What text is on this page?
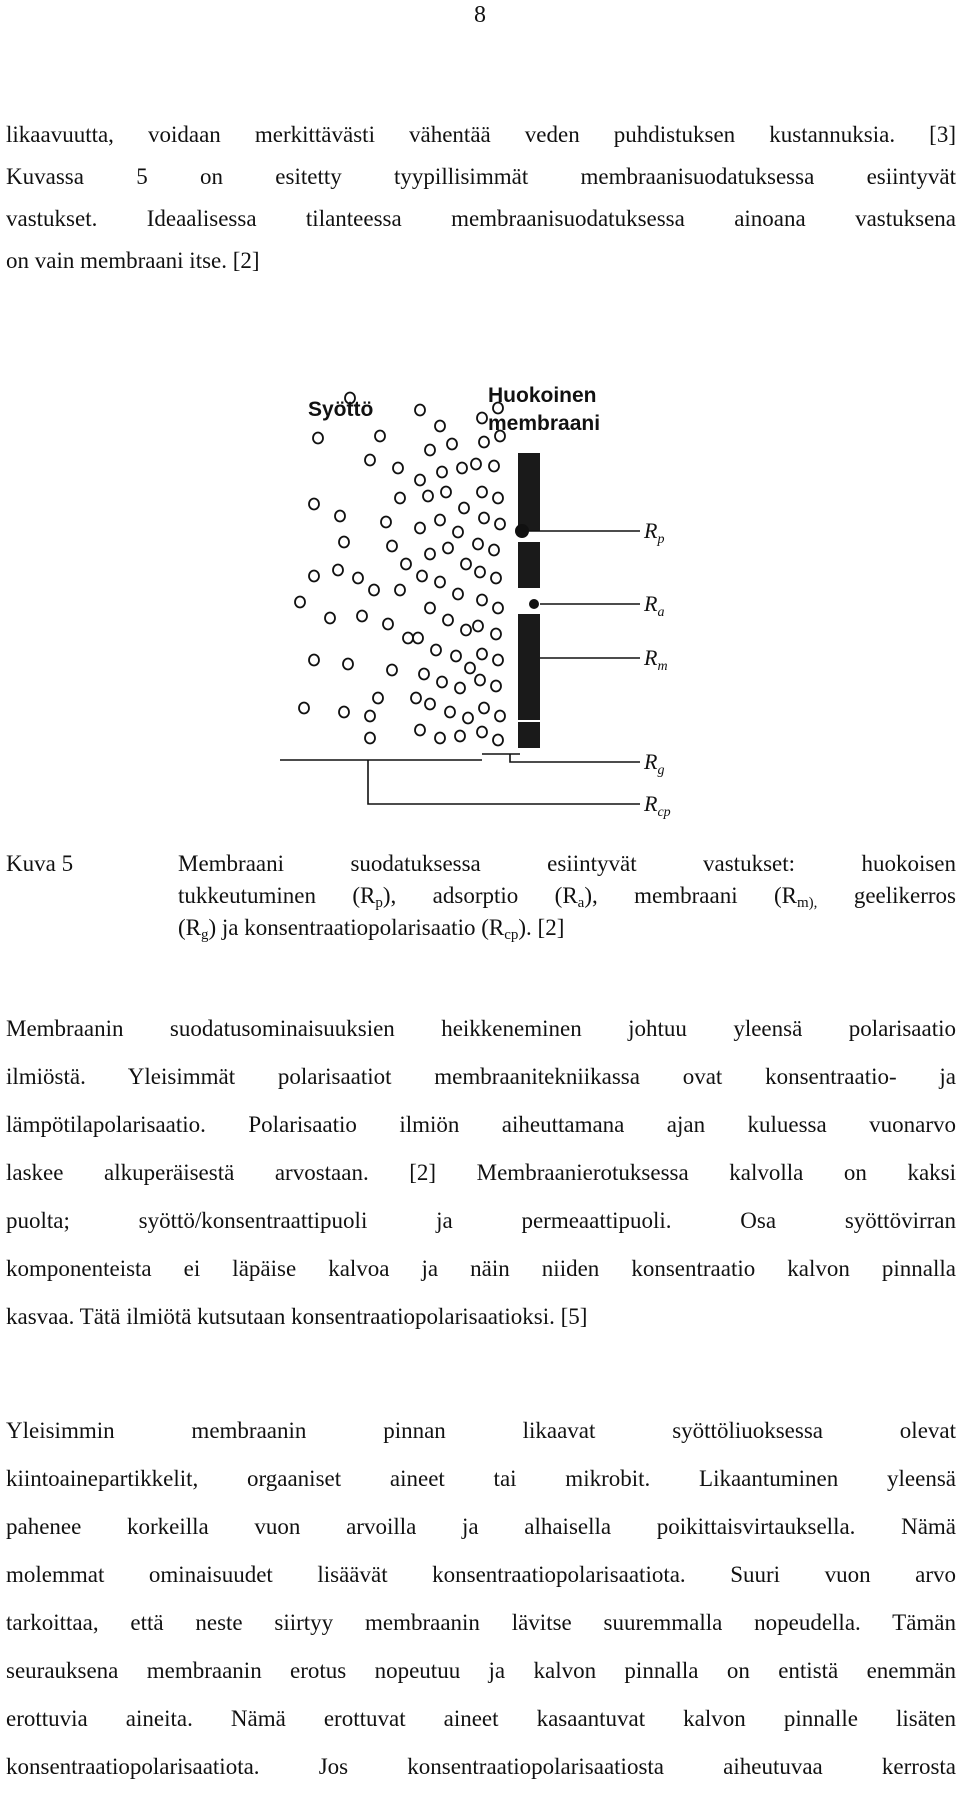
8

likaavuutta, voidaan merkittävästi vähentää veden puhdistuksen kustannuksia. [3]
Kuvassa 5 on esitetty tyypillisimmät membraanisuodatuksessa esiintyvät
vastukset. Ideaalisessa tilanteessa membraanisuodatuksessa ainoana vastuksena
on vain membraani itse. [2]

Syöttö
Huokoinen
membraani
$R_p$
$R_a$
$R_m$
$R_g$
$R_{cp}$
Kuva 5	Membraani suodatuksessa esiintyvät vastukset: huokoisen
tukkeutuminen $(R_p)$, adsorptio $(R_a)$, membraani ($R_{m),}$ geelikerros
$(R_g)$ ja konsentraatiopolarisaatio $(R_{cp})$. [2]

Membraanin suodatusominaisuuksien heikkeneminen johtuu yleensä polarisaatio
ilmiöstä. Yleisimmät polarisaatiot membraanitekniikassa ovat konsentraatio- ja
lämpötilapolarisaatio. Polarisaatio ilmiön aiheuttamana ajan kuluessa vuonarvo
laskee alkuperäisestä arvostaan. [2] Membraanierotuksessa kalvolla on kaksi
puolta; syöttö/konsentraattipuoli ja permeaattipuoli. Osa syöttövirran
komponenteista ei läpäise kalvoa ja näin niiden konsentraatio kalvon pinnalla
kasvaa. Tätä ilmiötä kutsutaan konsentraatiopolarisaatioksi. [5]

Yleisimmin membraanin pinnan likaavat syöttöliuoksessa olevat
kiintoainepartikkelit, orgaaniset aineet tai mikrobit. Likaantuminen yleensä
pahenee korkeilla vuon arvoilla ja alhaisella poikittaisvirtauksella. Nämä
molemmat ominaisuudet lisäävät konsentraatiopolarisaatiota. Suuri vuon arvo
tarkoittaa, että neste siirtyy membraanin lävitse suuremmalla nopeudella. Tämän
seurauksena membraanin erotus nopeutuu ja kalvon pinnalla on entistä enemmän
erottuvia aineita. Nämä erottuvat aineet kasaantuvat kalvon pinnalle lisäten
konsentraatiopolarisaatiota. Jos konsentraatiopolarisaatiosta aiheutuvaa kerrosta
